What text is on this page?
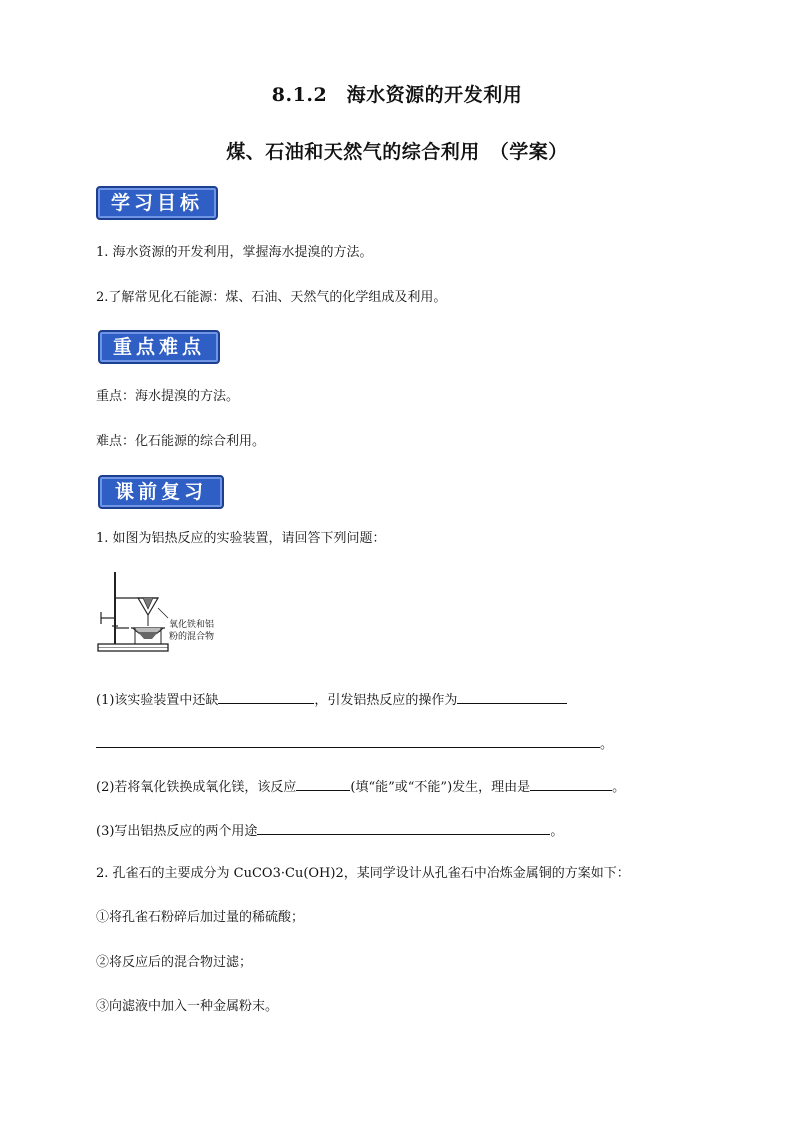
8.1.2　海水资源的开发利用
煤、石油和天然气的综合利用　（学案）
学习目标
1. 海水资源的开发利用，掌握海水提溴的方法。
2.了解常见化石能源：煤、石油、天然气的化学组成及利用。
重点难点
重点：海水提溴的方法。
难点：化石能源的综合利用。
课前复习
1. 如图为铝热反应的实验装置，请回答下列问题：
氧化铁和铝
粉的混合物
(1)该实验装置中还缺	，引发铝热反应的操作为
。
(2)若将氧化铁换成氧化镁，该反应	(填“能”或“不能”)发生，理由是	。
(3)写出铝热反应的两个用途	。
2. 孔雀石的主要成分为 CuCO3·Cu(OH)2，某同学设计从孔雀石中冶炼金属铜的方案如下：
①将孔雀石粉碎后加过量的稀硫酸；
②将反应后的混合物过滤；
③向滤液中加入一种金属粉末。
